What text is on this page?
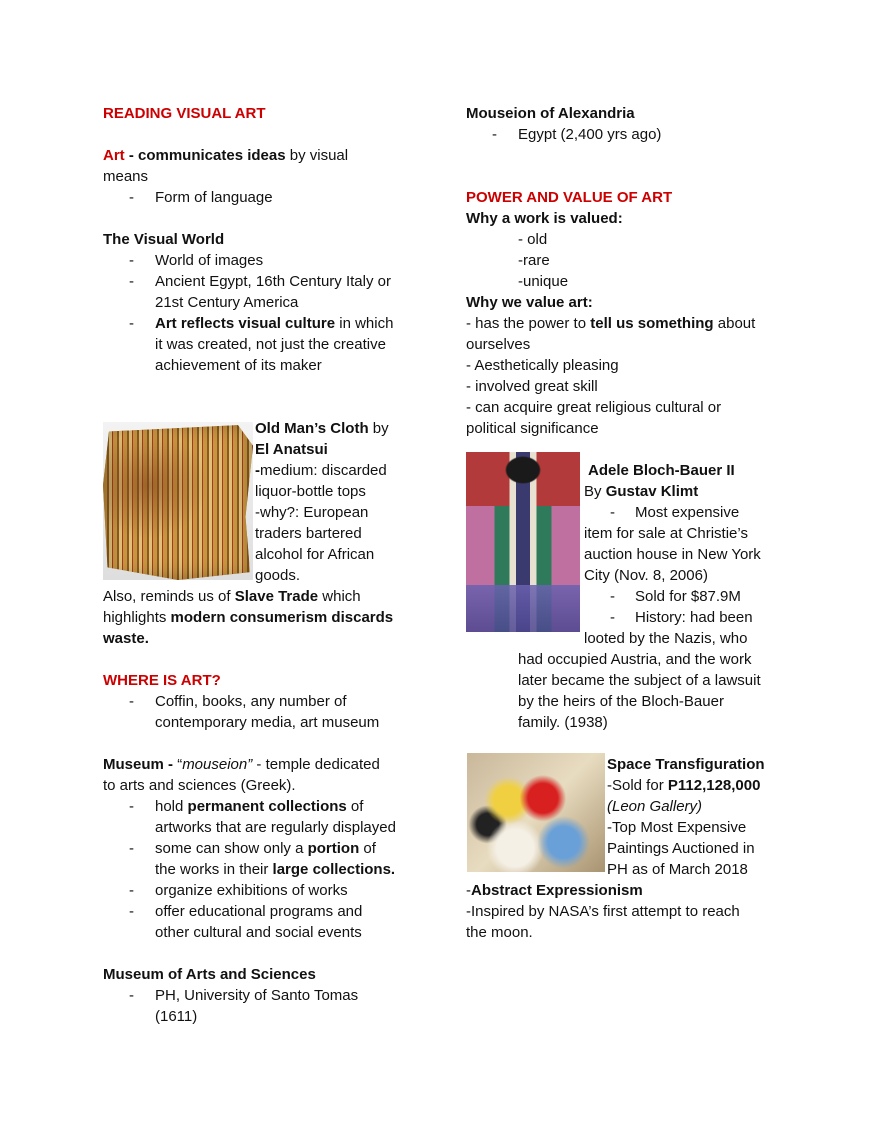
READING VISUAL ART
Art - communicates ideas by visual
means
- Form of language
The Visual World
- World of images
- Ancient Egypt, 16th Century Italy or
21st Century America
- Art reflects visual culture in which
it was created, not just the creative
achievement of its maker
Old Man’s Cloth by
El Anatsui
-medium: discarded
liquor-bottle tops
-why?: European
traders bartered
alcohol for African
goods.
Also, reminds us of Slave Trade which
highlights modern consumerism discards
waste.
WHERE IS ART?
- Coffin, books, any number of
contemporary media, art museum
Museum - “mouseion” - temple dedicated
to arts and sciences (Greek).
- hold permanent collections of
artworks that are regularly displayed
- some can show only a portion of
the works in their large collections.
- organize exhibitions of works
- offer educational programs and
other cultural and social events
Museum of Arts and Sciences
- PH, University of Santo Tomas
(1611)
Mouseion of Alexandria
- Egypt (2,400 yrs ago)
POWER AND VALUE OF ART
Why a work is valued:
- old
-rare
-unique
Why we value art:
- has the power to tell us something about
ourselves
- Aesthetically pleasing
- involved great skill
- can acquire great religious cultural or
political significance
Adele Bloch-Bauer II
By Gustav Klimt
- Most expensive
item for sale at Christie’s
auction house in New York
City (Nov. 8, 2006)
- Sold for $87.9M
- History: had been
looted by the Nazis, who
had occupied Austria, and the work
later became the subject of a lawsuit
by the heirs of the Bloch-Bauer
family. (1938)
Space Transfiguration
-Sold for P112,128,000
(Leon Gallery)
-Top Most Expensive
Paintings Auctioned in
PH as of March 2018
-Abstract Expressionism
-Inspired by NASA’s first attempt to reach
the moon.
